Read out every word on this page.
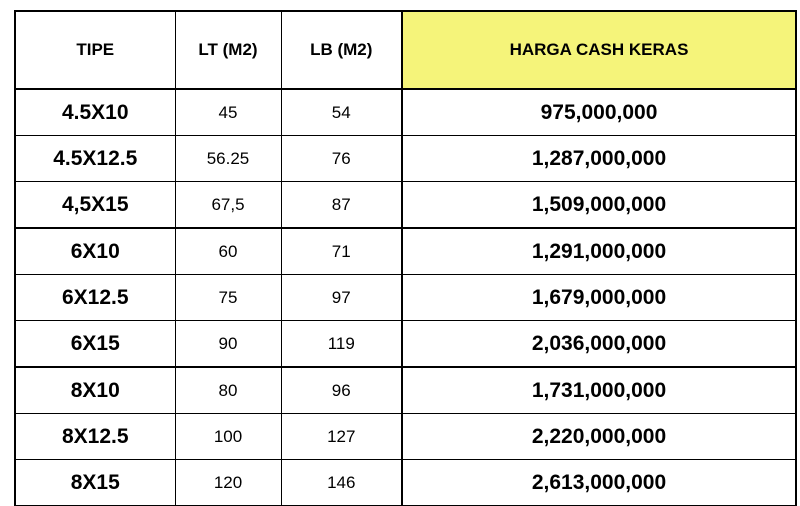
TIPE	LT (M2)	LB (M2)	HARGA CASH KERAS
4.5X10	45	54	975,000,000
4.5X12.5	56.25	76	1,287,000,000
4,5X15	67,5	87	1,509,000,000
6X10	60	71	1,291,000,000
6X12.5	75	97	1,679,000,000
6X15	90	119	2,036,000,000
8X10	80	96	1,731,000,000
8X12.5	100	127	2,220,000,000
8X15	120	146	2,613,000,000
